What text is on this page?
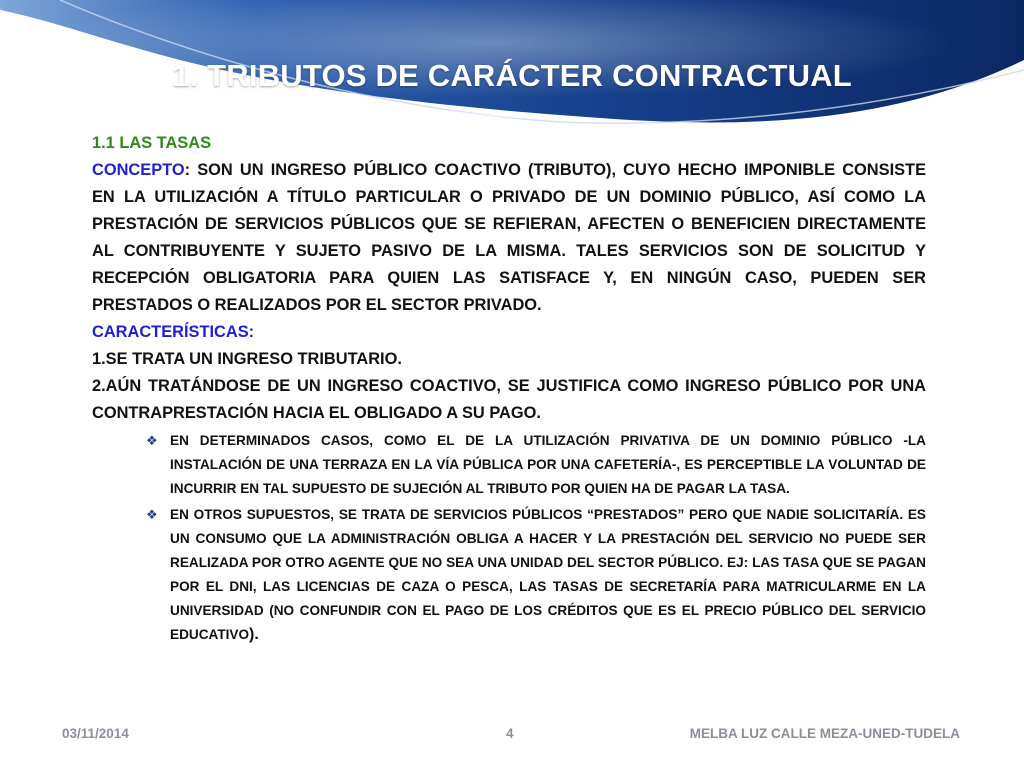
1. TRIBUTOS DE CARÁCTER CONTRACTUAL

1.1 LAS TASAS

CONCEPTO: SON UN INGRESO PÚBLICO COACTIVO (TRIBUTO), CUYO HECHO IMPONIBLE CONSISTE EN LA UTILIZACIÓN A TÍTULO PARTICULAR O PRIVADO DE UN DOMINIO PÚBLICO, ASÍ COMO LA PRESTACIÓN DE SERVICIOS PÚBLICOS QUE SE REFIERAN, AFECTEN O BENEFICIEN DIRECTAMENTE AL CONTRIBUYENTE Y SUJETO PASIVO DE LA MISMA. TALES SERVICIOS SON DE SOLICITUD Y RECEPCIÓN OBLIGATORIA PARA QUIEN LAS SATISFACE Y, EN NINGÚN CASO, PUEDEN SER PRESTADOS O REALIZADOS POR EL SECTOR PRIVADO.

CARACTERÍSTICAS:

1.SE TRATA UN INGRESO TRIBUTARIO.

2.AÚN TRATÁNDOSE DE UN INGRESO COACTIVO, SE JUSTIFICA COMO INGRESO PÚBLICO POR UNA CONTRAPRESTACIÓN HACIA EL OBLIGADO A SU PAGO.

❖ EN DETERMINADOS CASOS, COMO EL DE LA UTILIZACIÓN PRIVATIVA DE UN DOMINIO PÚBLICO -LA INSTALACIÓN DE UNA TERRAZA EN LA VÍA PÚBLICA POR UNA CAFETERÍA-, ES PERCEPTIBLE LA VOLUNTAD DE INCURRIR EN TAL SUPUESTO DE SUJECIÓN AL TRIBUTO POR QUIEN HA DE PAGAR LA TASA.
❖ EN OTROS SUPUESTOS, SE TRATA DE SERVICIOS PÚBLICOS “PRESTADOS” PERO QUE NADIE SOLICITARÍA. ES UN CONSUMO QUE LA ADMINISTRACIÓN OBLIGA A HACER Y LA PRESTACIÓN DEL SERVICIO NO PUEDE SER REALIZADA POR OTRO AGENTE QUE NO SEA UNA UNIDAD DEL SECTOR PÚBLICO. EJ: LAS TASA QUE SE PAGAN POR EL DNI, LAS LICENCIAS DE CAZA O PESCA, LAS TASAS DE SECRETARÍA PARA MATRICULARME EN LA UNIVERSIDAD (NO CONFUNDIR CON EL PAGO DE LOS CRÉDITOS QUE ES EL PRECIO PÚBLICO DEL SERVICIO EDUCATIVO).
03/11/2014	4	MELBA LUZ CALLE MEZA-UNED-TUDELA
